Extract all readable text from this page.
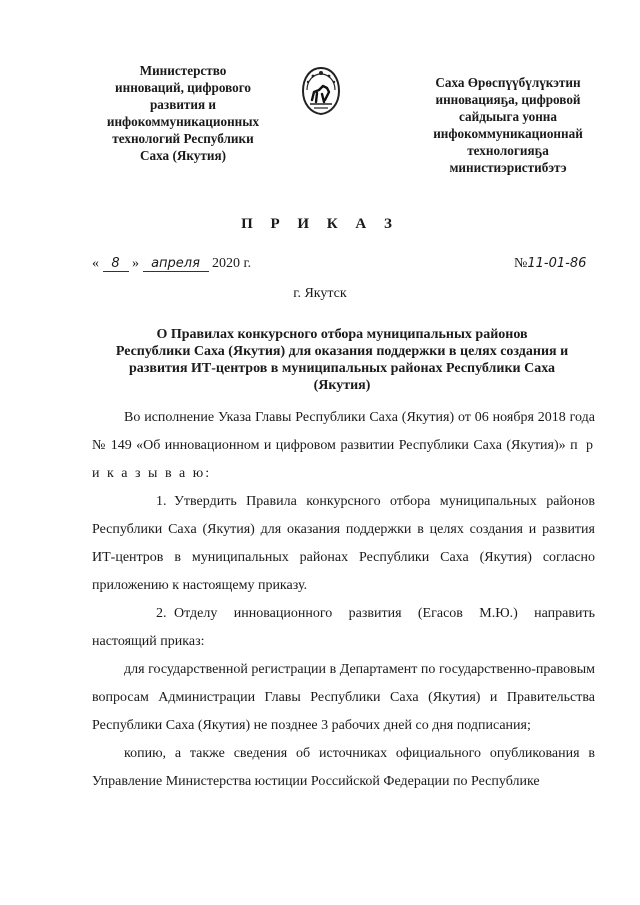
Министерство
инноваций, цифрового
развития и
инфокоммуникационных
технологий Республики
Саха (Якутия)
Саха Өрөспүүбүлүкэтин
инновацияҕа, цифровой
сайдыыга уонна
инфокоммуникационнай
технологияҕа
министиэристибэтэ
П Р И К А З
« 8 » апреля 2020 г.	№11-01-86
г. Якутск
О Правилах конкурсного отбора муниципальных районов
Республики Саха (Якутия) для оказания поддержки в целях создания и
развития ИТ-центров в муниципальных районах Республики Саха
(Якутия)

Во исполнение Указа Главы Республики Саха (Якутия) от 06 ноября 2018 года № 149 «Об инновационном и цифровом развитии Республики Саха (Якутия)» п р и к а з ы в а ю:

1. Утвердить Правила конкурсного отбора муниципальных районов Республики Саха (Якутия) для оказания поддержки в целях создания и развития ИТ-центров в муниципальных районах Республики Саха (Якутия) согласно приложению к настоящему приказу.

2. Отделу инновационного развития (Егасов М.Ю.) направить настоящий приказ:

для государственной регистрации в Департамент по государственно-правовым вопросам Администрации Главы Республики Саха (Якутия) и Правительства Республики Саха (Якутия) не позднее 3 рабочих дней со дня подписания;

копию, а также сведения об источниках официального опубликования в Управление Министерства юстиции Российской Федерации по Республике
